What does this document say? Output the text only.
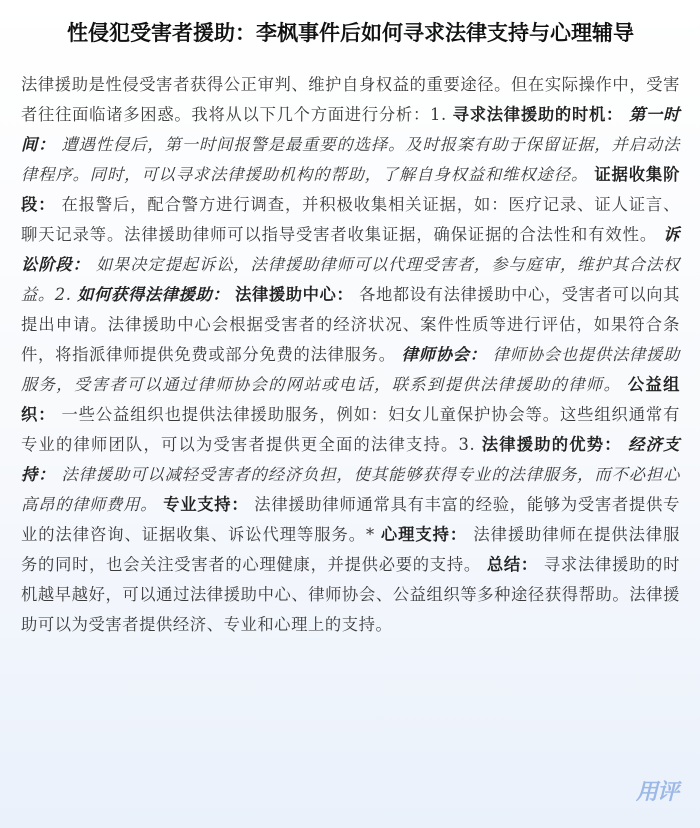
性侵犯受害者援助：李枫事件后如何寻求法律支持与心理辅导
法律援助是性侵受害者获得公正审判、维护自身权益的重要途径。但在实际操作中，受害者往往面临诸多困惑。我将从以下几个方面进行分析：1. 寻求法律援助的时机： 第一时间： 遭遇性侵后，第一时间报警是最重要的选择。及时报案有助于保留证据，并启动法律程序。同时，可以寻求法律援助机构的帮助，了解自身权益和维权途径。 证据收集阶段： 在报警后，配合警方进行调查，并积极收集相关证据，如：医疗记录、证人证言、聊天记录等。法律援助律师可以指导受害者收集证据，确保证据的合法性和有效性。 诉讼阶段： 如果决定提起诉讼，法律援助律师可以代理受害者，参与庭审，维护其合法权益。2. 如何获得法律援助： 法律援助中心： 各地都设有法律援助中心，受害者可以向其提出申请。法律援助中心会根据受害者的经济状况、案件性质等进行评估，如果符合条件，将指派律师提供免费或部分免费的法律服务。 律师协会： 律师协会也提供法律援助服务，受害者可以通过律师协会的网站或电话，联系到提供法律援助的律师。 公益组织： 一些公益组织也提供法律援助服务，例如：妇女儿童保护协会等。这些组织通常有专业的律师团队，可以为受害者提供更全面的法律支持。3. 法律援助的优势： 经济支持： 法律援助可以减轻受害者的经济负担，使其能够获得专业的法律服务，而不必担心高昂的律师费用。 专业支持： 法律援助律师通常具有丰富的经验，能够为受害者提供专业的法律咨询、证据收集、诉讼代理等服务。* 心理支持： 法律援助律师在提供法律服务的同时，也会关注受害者的心理健康，并提供必要的支持。 总结： 寻求法律援助的时机越早越好，可以通过法律援助中心、律师协会、公益组织等多种途径获得帮助。法律援助可以为受害者提供经济、专业和心理上的支持。
用评
